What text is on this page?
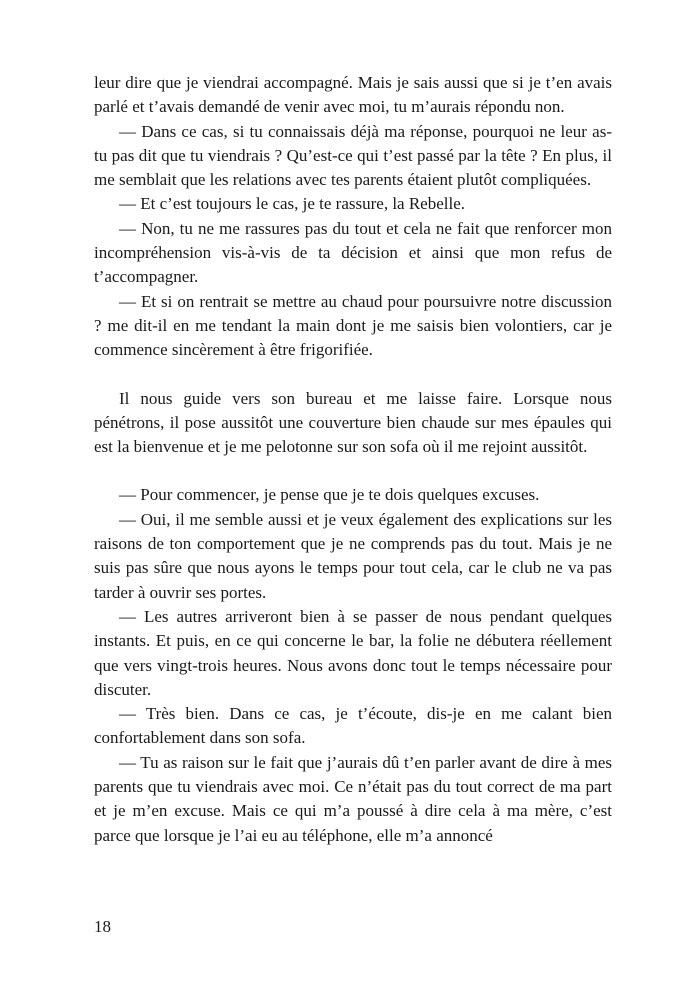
leur dire que je viendrai accompagné. Mais je sais aussi que si je t’en avais parlé et t’avais demandé de venir avec moi, tu m’aurais répondu non.

— Dans ce cas, si tu connaissais déjà ma réponse, pourquoi ne leur as-tu pas dit que tu viendrais ? Qu’est-ce qui t’est passé par la tête ? En plus, il me semblait que les relations avec tes parents étaient plutôt compliquées.

— Et c’est toujours le cas, je te rassure, la Rebelle.

— Non, tu ne me rassures pas du tout et cela ne fait que renforcer mon incompréhension vis-à-vis de ta décision et ainsi que mon refus de t’accompagner.

— Et si on rentrait se mettre au chaud pour poursuivre notre discussion ? me dit-il en me tendant la main dont je me saisis bien volontiers, car je commence sincèrement à être frigorifiée.

Il nous guide vers son bureau et me laisse faire. Lorsque nous pénétrons, il pose aussitôt une couverture bien chaude sur mes épaules qui est la bienvenue et je me pelotonne sur son sofa où il me rejoint aussitôt.

— Pour commencer, je pense que je te dois quelques excuses.

— Oui, il me semble aussi et je veux également des explications sur les raisons de ton comportement que je ne comprends pas du tout. Mais je ne suis pas sûre que nous ayons le temps pour tout cela, car le club ne va pas tarder à ouvrir ses portes.

— Les autres arriveront bien à se passer de nous pendant quelques instants. Et puis, en ce qui concerne le bar, la folie ne débutera réellement que vers vingt-trois heures. Nous avons donc tout le temps nécessaire pour discuter.

— Très bien. Dans ce cas, je t’écoute, dis-je en me calant bien confortablement dans son sofa.

— Tu as raison sur le fait que j’aurais dû t’en parler avant de dire à mes parents que tu viendrais avec moi. Ce n’était pas du tout correct de ma part et je m’en excuse. Mais ce qui m’a poussé à dire cela à ma mère, c’est parce que lorsque je l’ai eu au téléphone, elle m’a annoncé

18
